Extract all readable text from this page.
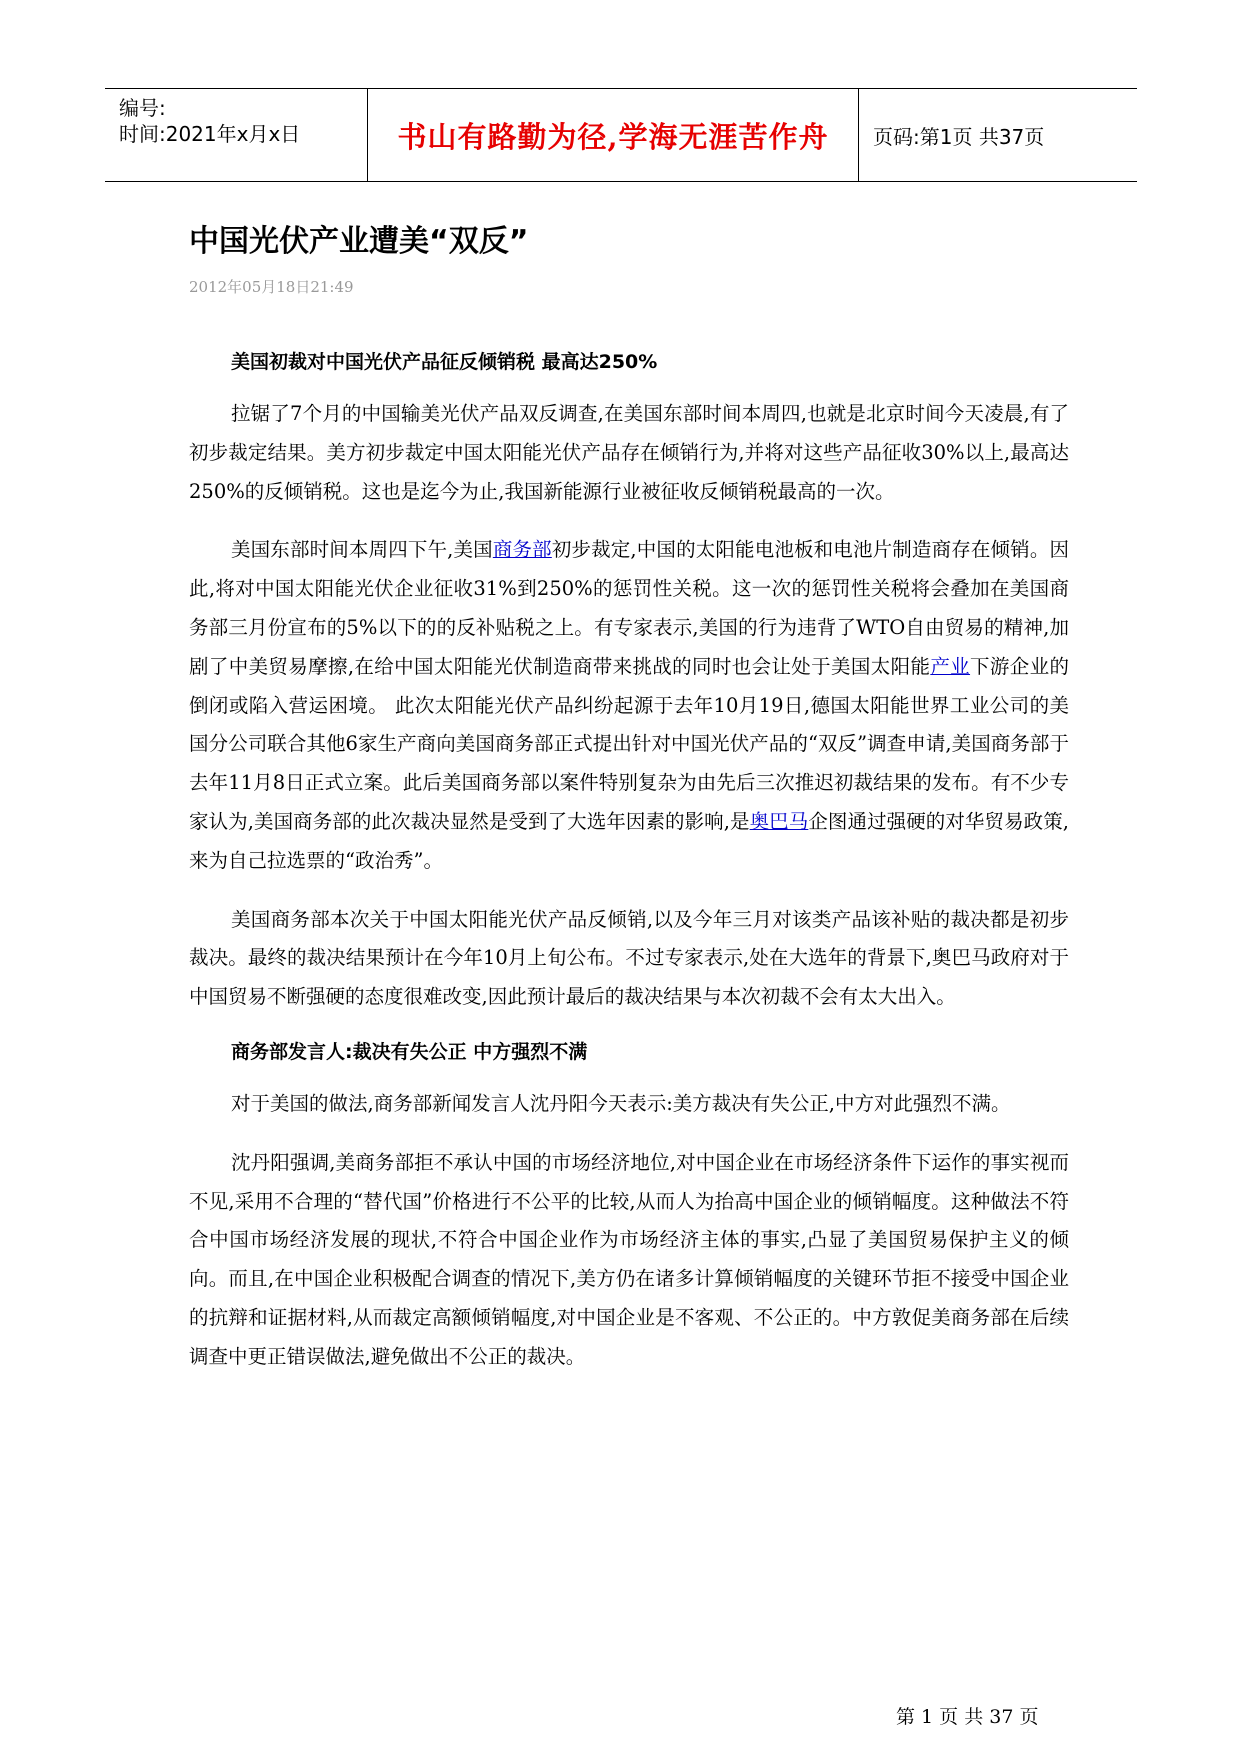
编号:
时间:2021年x月x日	书山有路勤为径,学海无涯苦作舟	页码:第1页 共37页
中国光伏产业遭美“双反”
2012年05月18日21:49
美国初裁对中国光伏产品征反倾销税 最高达250%

拉锯了7个月的中国输美光伏产品双反调查,在美国东部时间本周四,也就是北京时间今天凌晨,有了初步裁定结果。美方初步裁定中国太阳能光伏产品存在倾销行为,并将对这些产品征收30%以上,最高达250%的反倾销税。这也是迄今为止,我国新能源行业被征收反倾销税最高的一次。

美国东部时间本周四下午,美国商务部初步裁定,中国的太阳能电池板和电池片制造商存在倾销。因此,将对中国太阳能光伏企业征收31%到250%的惩罚性关税。这一次的惩罚性关税将会叠加在美国商务部三月份宣布的5%以下的的反补贴税之上。有专家表示,美国的行为违背了WTO自由贸易的精神,加剧了中美贸易摩擦,在给中国太阳能光伏制造商带来挑战的同时也会让处于美国太阳能产业下游企业的倒闭或陷入营运困境。 此次太阳能光伏产品纠纷起源于去年10月19日,德国太阳能世界工业公司的美国分公司联合其他6家生产商向美国商务部正式提出针对中国光伏产品的“双反”调查申请,美国商务部于去年11月8日正式立案。此后美国商务部以案件特别复杂为由先后三次推迟初裁结果的发布。有不少专家认为,美国商务部的此次裁决显然是受到了大选年因素的影响,是奥巴马企图通过强硬的对华贸易政策,来为自己拉选票的“政治秀”。

美国商务部本次关于中国太阳能光伏产品反倾销,以及今年三月对该类产品该补贴的裁决都是初步裁决。最终的裁决结果预计在今年10月上旬公布。不过专家表示,处在大选年的背景下,奥巴马政府对于中国贸易不断强硬的态度很难改变,因此预计最后的裁决结果与本次初裁不会有太大出入。

商务部发言人:裁决有失公正 中方强烈不满

对于美国的做法,商务部新闻发言人沈丹阳今天表示:美方裁决有失公正,中方对此强烈不满。

沈丹阳强调,美商务部拒不承认中国的市场经济地位,对中国企业在市场经济条件下运作的事实视而不见,采用不合理的“替代国”价格进行不公平的比较,从而人为抬高中国企业的倾销幅度。这种做法不符合中国市场经济发展的现状,不符合中国企业作为市场经济主体的事实,凸显了美国贸易保护主义的倾向。而且,在中国企业积极配合调查的情况下,美方仍在诸多计算倾销幅度的关键环节拒不接受中国企业的抗辩和证据材料,从而裁定高额倾销幅度,对中国企业是不客观、不公正的。中方敦促美商务部在后续调查中更正错误做法,避免做出不公正的裁决。

第 1 页 共 37 页
